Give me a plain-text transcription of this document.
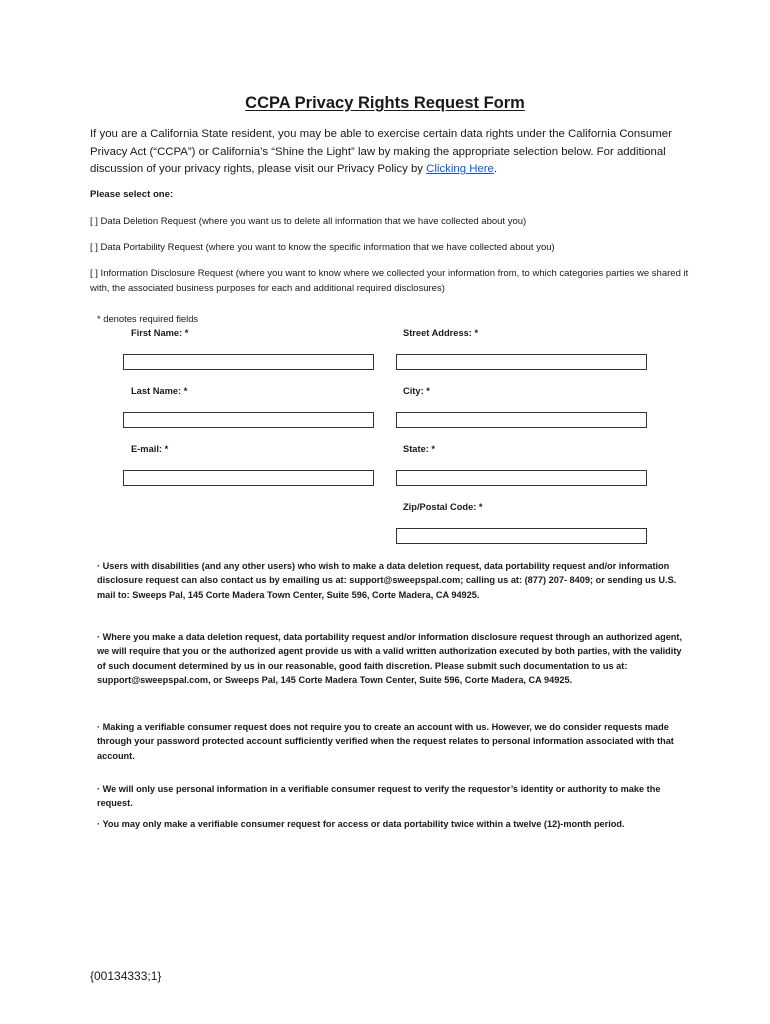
CCPA Privacy Rights Request Form
If you are a California State resident, you may be able to exercise certain data rights under the California Consumer Privacy Act (“CCPA”) or California’s “Shine the Light” law by making the appropriate selection below. For additional discussion of your privacy rights, please visit our Privacy Policy by Clicking Here.
Please select one:
[ ] Data Deletion Request (where you want us to delete all information that we have collected about you)
[ ] Data Portability Request (where you want to know the specific information that we have collected about you)
[ ] Information Disclosure Request (where you want to know where we collected your information from, to which categories parties we shared it with, the associated business purposes for each and additional required disclosures)
* denotes required fields
First Name: *
Last Name: *
E-mail: *
Street Address: *
City: *
State: *
Zip/Postal Code: *
· Users with disabilities (and any other users) who wish to make a data deletion request, data portability request and/or information disclosure request can also contact us by emailing us at: support@sweepspal.com; calling us at: (877) 207- 8409; or sending us U.S. mail to: Sweeps Pal, 145 Corte Madera Town Center, Suite 596, Corte Madera, CA 94925.
· Where you make a data deletion request, data portability request and/or information disclosure request through an authorized agent, we will require that you or the authorized agent provide us with a valid written authorization executed by both parties, with the validity of such document determined by us in our reasonable, good faith discretion. Please submit such documentation to us at: support@sweepspal.com, or Sweeps Pal, 145 Corte Madera Town Center, Suite 596, Corte Madera, CA 94925.
· Making a verifiable consumer request does not require you to create an account with us. However, we do consider requests made through your password protected account sufficiently verified when the request relates to personal information associated with that account.
· We will only use personal information in a verifiable consumer request to verify the requestor’s identity or authority to make the request.
· You may only make a verifiable consumer request for access or data portability twice within a twelve (12)-month period.
{00134333;1}
